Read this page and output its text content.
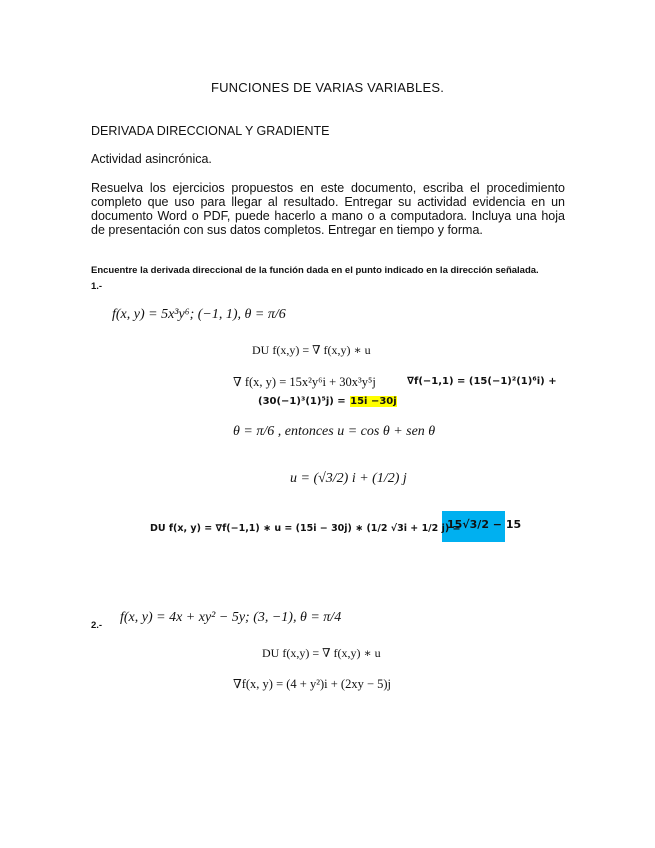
FUNCIONES DE VARIAS VARIABLES.
DERIVADA DIRECCIONAL Y GRADIENTE
Actividad asincrónica.
Resuelva los ejercicios propuestos en este documento, escriba el procedimiento completo que uso para llegar al resultado. Entregar su actividad evidencia en un documento Word o PDF, puede hacerlo a mano o a computadora. Incluya una hoja de presentación con sus datos completos. Entregar en tiempo y forma.
Encuentre la derivada direccional de la función dada en el punto indicado en la dirección señalada.
1.-
f(x, y) = 5x³y⁶; (−1, 1), θ = π/6
DU f(x,y) = ∇ f(x,y) ∗ u
∇ f(x, y) = 15x²y⁶i + 30x³y⁵j	∇f(−1,1) = (15(−1)²(1)⁶i) +
(30(−1)³(1)⁵j) = 15i −30j
θ = π/6 , entonces u = cos θ + sen θ
u = (√3/2) i + (1/2) j
DU f(x, y) = ∇f(−1,1) ∗ u = (15i − 30j) ∗ (1/2 √3i + 1/2 j) =
15√3/2 − 15
2.-
f(x, y) = 4x + xy² − 5y; (3, −1), θ = π/4
DU f(x,y) = ∇ f(x,y) ∗ u
∇f(x, y) = (4 + y²)i + (2xy − 5)j
